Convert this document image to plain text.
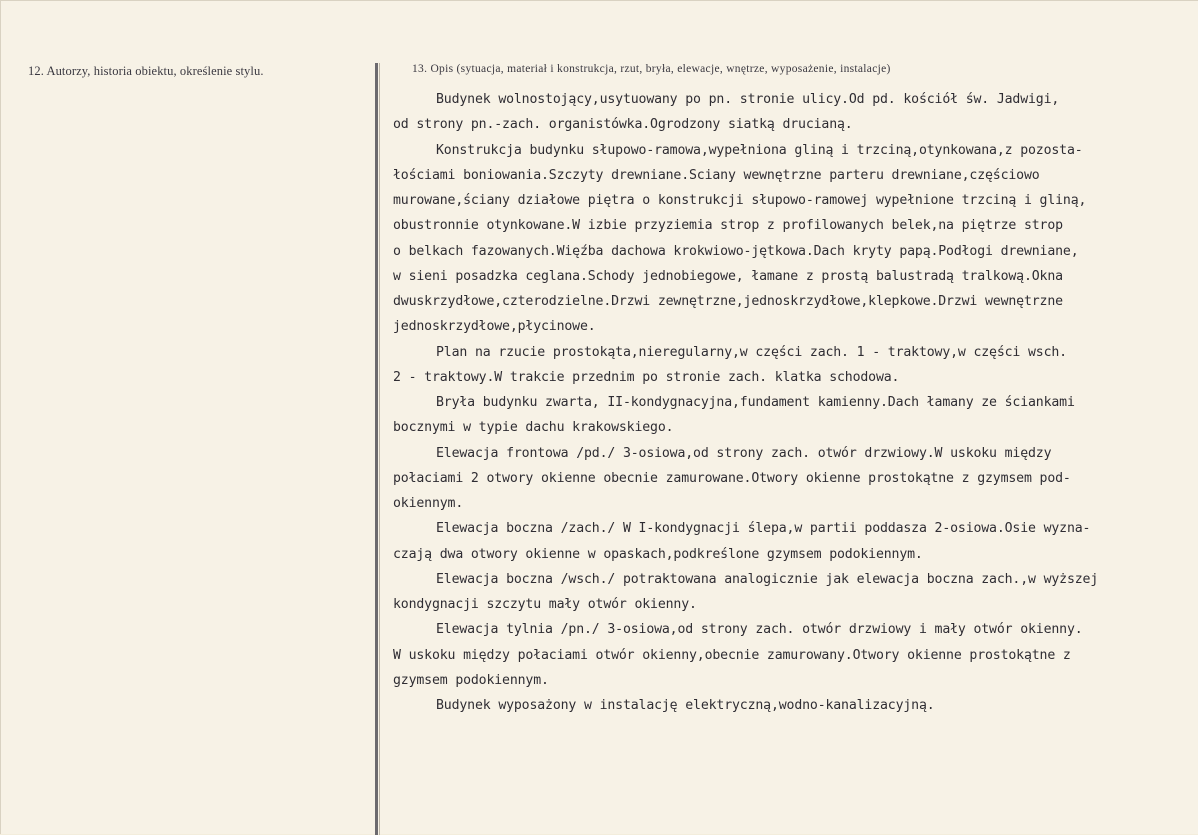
12. Autorzy, historia obiektu, określenie stylu.	13. Opis (sytuacja, materiał i konstrukcja, rzut, bryła, elewacje, wnętrze, wyposażenie, instalacje)

Budynek wolnostojący,usytuowany po pn. stronie ulicy.Od pd. kościół św. Jadwigi,
od strony pn.-zach. organistówka.Ogrodzony siatką drucianą.

Konstrukcja budynku słupowo-ramowa,wypełniona gliną i trzciną,otynkowana,z pozosta-
łościami boniowania.Szczyty drewniane.Sciany wewnętrzne parteru drewniane,częściowo
murowane,ściany działowe piętra o konstrukcji słupowo-ramowej wypełnione trzciną i gliną,
obustronnie otynkowane.W izbie przyziemia strop z profilowanych belek,na piętrze strop
o belkach fazowanych.Więźba dachowa krokwiowo-jętkowa.Dach kryty papą.Podłogi drewniane,
w sieni posadzka ceglana.Schody jednobiegowe, łamane z prostą balustradą tralkową.Okna
dwuskrzydłowe,czterodzielne.Drzwi zewnętrzne,jednoskrzydłowe,klepkowe.Drzwi wewnętrzne
jednoskrzydłowe,płycinowe.

Plan na rzucie prostokąta,nieregularny,w części zach. 1 - traktowy,w części wsch.
2 - traktowy.W trakcie przednim po stronie zach. klatka schodowa.

Bryła budynku zwarta, II-kondygnacyjna,fundament kamienny.Dach łamany ze ściankami
bocznymi w typie dachu krakowskiego.

Elewacja frontowa /pd./ 3-osiowa,od strony zach. otwór drzwiowy.W uskoku między
połaciami 2 otwory okienne obecnie zamurowane.Otwory okienne prostokątne z gzymsem pod-
okiennym.

Elewacja boczna /zach./ W I-kondygnacji ślepa,w partii poddasza 2-osiowa.Osie wyzna-
czają dwa otwory okienne w opaskach,podkreślone gzymsem podokiennym.

Elewacja boczna /wsch./ potraktowana analogicznie jak elewacja boczna zach.,w wyższej
kondygnacji szczytu mały otwór okienny.

Elewacja tylnia /pn./ 3-osiowa,od strony zach. otwór drzwiowy i mały otwór okienny.
W uskoku między połaciami otwór okienny,obecnie zamurowany.Otwory okienne prostokątne z
gzymsem podokiennym.

Budynek wyposażony w instalację elektryczną,wodno-kanalizacyjną.
